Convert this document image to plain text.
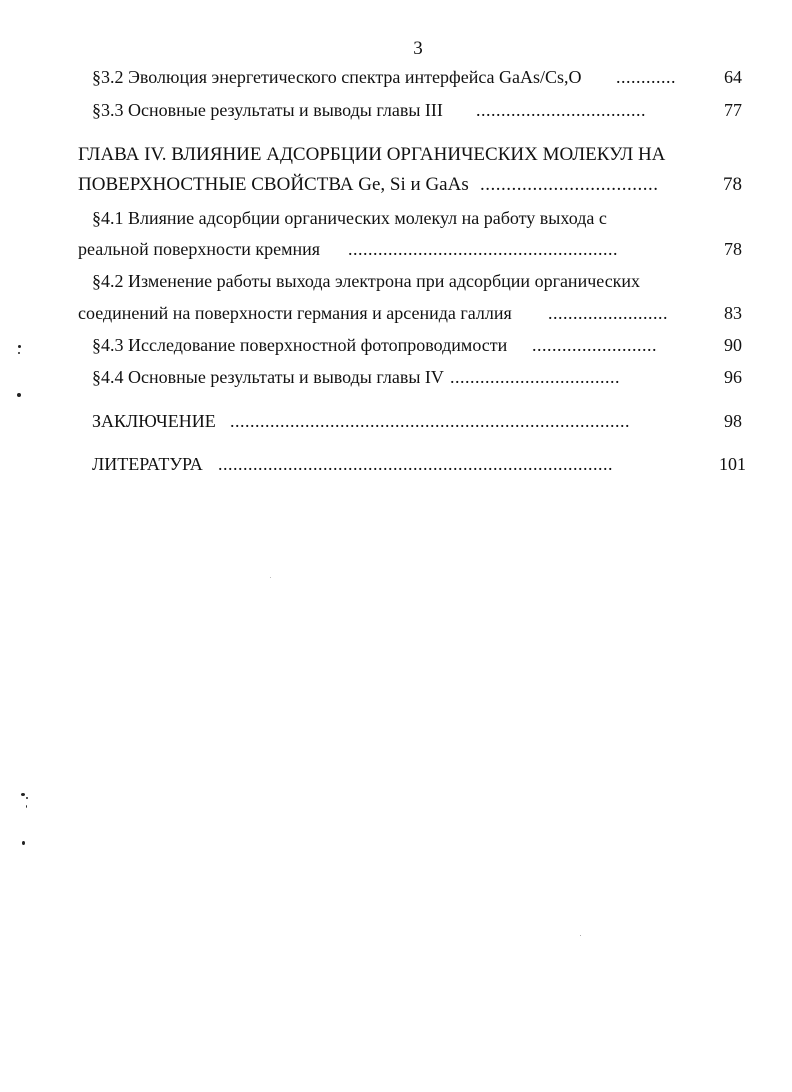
3
§3.2 Эволюция энергетического спектра интерфейса GaAs/Cs,O ............	64
§3.3 Основные результаты и выводы главы III ..................................	77
ГЛАВА IV. ВЛИЯНИЕ АДСОРБЦИИ ОРГАНИЧЕСКИХ МОЛЕКУЛ НА
ПОВЕРХНОСТНЫЕ СВОЙСТВА Ge, Si и GaAs ..................................	78
§4.1 Влияние адсорбции органических молекул на работу выхода с
реальной поверхности кремния ......................................................	78
§4.2 Изменение работы выхода электрона при адсорбции органических
соединений на поверхности германия и арсенида галлия ........................	83
§4.3 Исследование поверхностной фотопроводимости .........................	90
§4.4 Основные результаты и выводы главы IV ..................................	96
ЗАКЛЮЧЕНИЕ ................................................................................	98
ЛИТЕРАТУРА ...............................................................................	101
